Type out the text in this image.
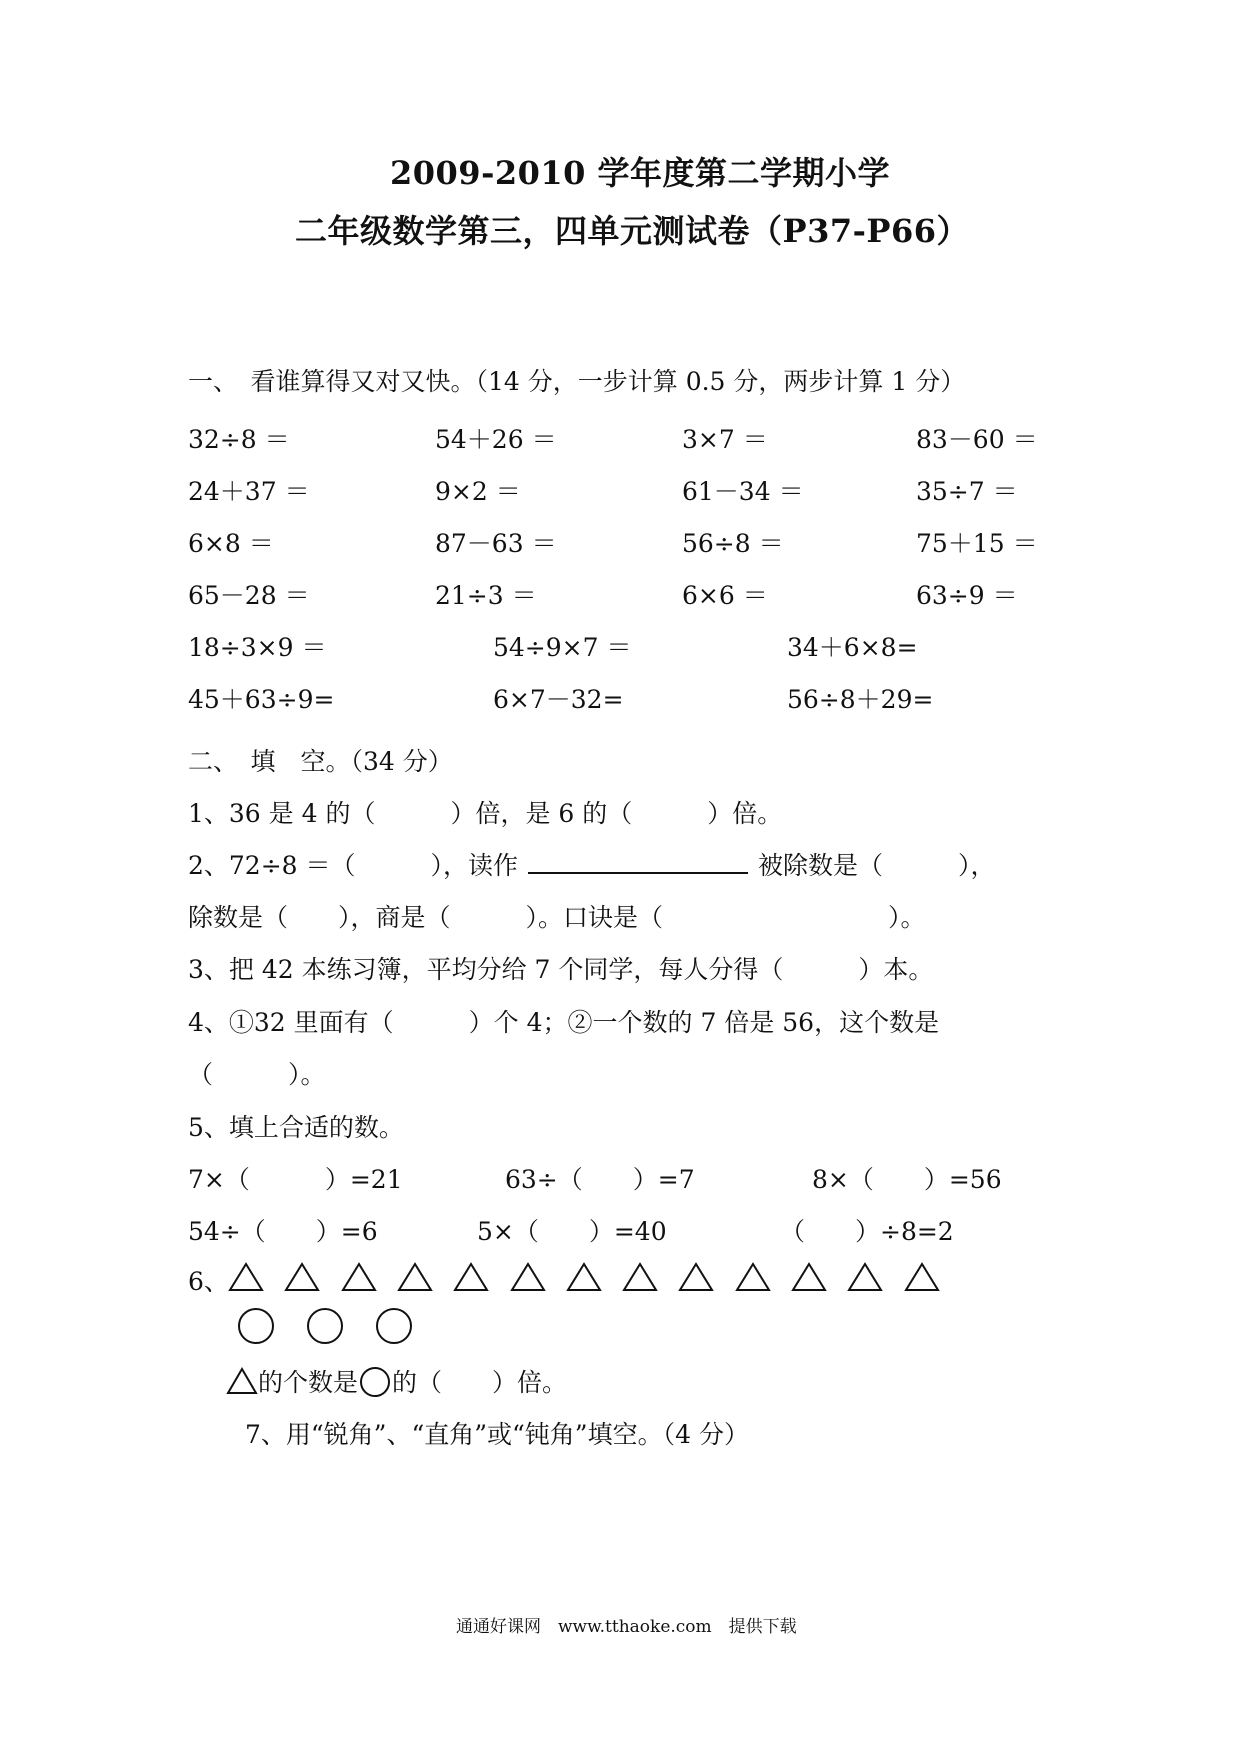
2009-2010 学年度第二学期小学
二年级数学第三，四单元测试卷（P37-P66）
一、　看谁算得又对又快。（14 分，一步计算 0.5 分，两步计算 1 分）
32÷8 ＝	54＋26 ＝	3×7 ＝	83－60 ＝
24＋37 ＝	9×2 ＝	61－34 ＝	35÷7 ＝
6×8 ＝	87－63 ＝	56÷8 ＝	75＋15 ＝
65－28 ＝	21÷3 ＝	6×6 ＝	63÷9 ＝
18÷3×9 ＝	54÷9×7 ＝	34＋6×8=
45＋63÷9=	6×7－32=	56÷8＋29=
二、　填　空。（34 分）
1、36 是 4 的（　　　）倍，是 6 的（　　　）倍。
2、72÷8 ＝（　　　），读作	被除数是（　　　），
除数是（　　），商是（　　　）。口诀是（　　　　　　　　　）。
3、把 42 本练习簿，平均分给 7 个同学，每人分得（　　　）本。
4、①32 里面有（　　　）个 4；②一个数的 7 倍是 56，这个数是
（　　　）。
5、填上合适的数。
7×（　　　）=21	63÷（　　）=7	8×（　　）=56
54÷（　　）=6	5×（　　）=40	（　　）÷8=2
6、
的个数是 的（　　）倍。
7、用“锐角”、“直角”或“钝角”填空。（4 分）
通通好课网　www.tthaoke.com　提供下载
